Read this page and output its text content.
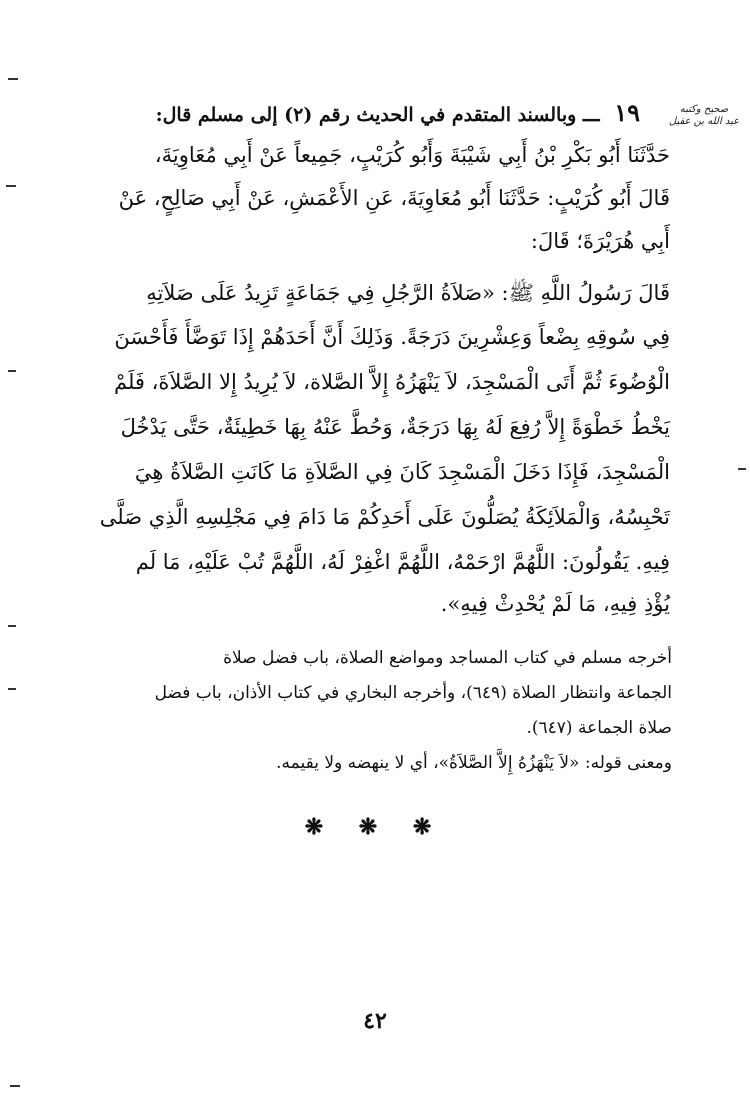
صحيح وكتبه
عبد الله بن عقيل
١٩ ـــ وبالسند المتقدم في الحديث رقم (٢) إلى مسلم قال:
حَدَّثَنَا أَبُو بَكْرِ بْنُ أَبِي شَيْبَةَ وَأَبُو كُرَيْبٍ، جَمِيعاً عَنْ أَبِي مُعَاوِيَةَ،
قَالَ أَبُو كُرَيْبٍ: حَدَّثَنَا أَبُو مُعَاوِيَةَ، عَنِ الأَعْمَشِ، عَنْ أَبِي صَالِحٍ، عَنْ
أَبِي هُرَيْرَةَ؛ قَالَ:
قَالَ رَسُولُ اللَّهِ ﷺ: «صَلاَةُ الرَّجُلِ فِي جَمَاعَةٍ تَزِيدُ عَلَى صَلاَتِهِ
فِي سُوقِهِ بِضْعاً وَعِشْرِينَ دَرَجَةً. وَذَلِكَ أَنَّ أَحَدَهُمْ إِذَا تَوَضَّأَ فَأَحْسَنَ
الْوُضُوءَ ثُمَّ أَتَى الْمَسْجِدَ، لاَ يَنْهَزُهُ إِلاَّ الصَّلاة، لاَ يُرِيدُ إِلا الصَّلاَةَ، فَلَمْ
يَخْطُ خَطْوَةً إِلاَّ رُفِعَ لَهُ بِهَا دَرَجَةٌ، وَحُطَّ عَنْهُ بِهَا خَطِيئَةٌ، حَتَّى يَدْخُلَ
الْمَسْجِدَ، فَإِذَا دَخَلَ الْمَسْجِدَ كَانَ فِي الصَّلاَةِ مَا كَانَتِ الصَّلاَةُ هِيَ
تَحْبِسُهُ، وَالْمَلاَئِكَةُ يُصَلُّونَ عَلَى أَحَدِكُمْ مَا دَامَ فِي مَجْلِسِهِ الَّذِي صَلَّى
فِيهِ. يَقُولُونَ: اللَّهُمَّ ارْحَمْهُ، اللَّهُمَّ اغْفِرْ لَهُ، اللَّهُمَّ تُبْ عَلَيْهِ، مَا لَم
يُؤْذِ فِيهِ، مَا لَمْ يُحْدِثْ فِيهِ».
أخرجه مسلم في كتاب المساجد ومواضع الصلاة، باب فضل صلاة
الجماعة وانتظار الصلاة (٦٤٩)، وأخرجه البخاري في كتاب الأذان، باب فضل
صلاة الجماعة (٦٤٧).
ومعنى قوله: «لاَ يَنْهَزُهُ إِلاَّ الصَّلاَةُ»، أي لا ينهضه ولا يقيمه.
❋ ❋ ❋
٤٢
